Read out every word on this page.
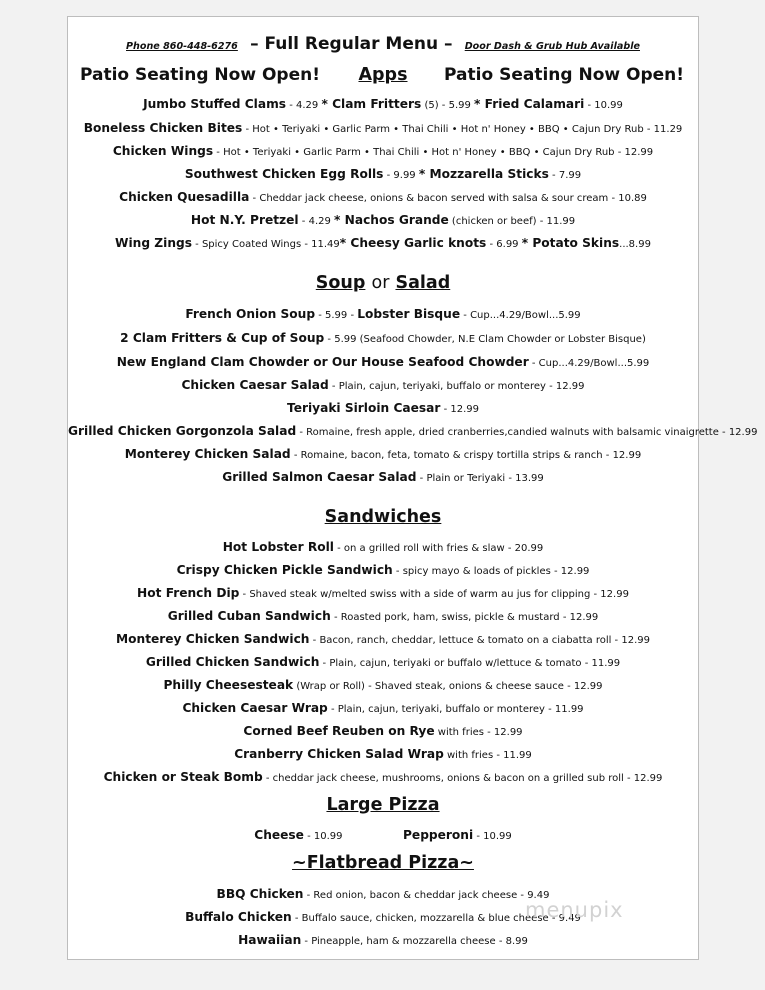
Phone 860-448-6276 – Full Regular Menu – Door Dash & Grub Hub Available
Patio Seating Now Open!	Apps	Patio Seating Now Open!
Jumbo Stuffed Clams - 4.29 * Clam Fritters (5) - 5.99 * Fried Calamari - 10.99
Boneless Chicken Bites - Hot • Teriyaki • Garlic Parm • Thai Chili • Hot n' Honey • BBQ • Cajun Dry Rub - 11.29
Chicken Wings - Hot • Teriyaki • Garlic Parm • Thai Chili • Hot n' Honey • BBQ • Cajun Dry Rub - 12.99
Southwest Chicken Egg Rolls - 9.99 * Mozzarella Sticks - 7.99
Chicken Quesadilla - Cheddar jack cheese, onions & bacon served with salsa & sour cream - 10.89
Hot N.Y. Pretzel - 4.29 * Nachos Grande (chicken or beef) - 11.99
Wing Zings - Spicy Coated Wings - 11.49* Cheesy Garlic knots - 6.99 * Potato Skins...8.99
Soup or Salad
French Onion Soup - 5.99 - Lobster Bisque - Cup...4.29/Bowl...5.99
2 Clam Fritters & Cup of Soup - 5.99 (Seafood Chowder, N.E Clam Chowder or Lobster Bisque)
New England Clam Chowder or Our House Seafood Chowder - Cup...4.29/Bowl...5.99
Chicken Caesar Salad - Plain, cajun, teriyaki, buffalo or monterey - 12.99
Teriyaki Sirloin Caesar - 12.99
Grilled Chicken Gorgonzola Salad - Romaine, fresh apple, dried cranberries,candied walnuts with balsamic vinaigrette - 12.99
Monterey Chicken Salad - Romaine, bacon, feta, tomato & crispy tortilla strips & ranch - 12.99
Grilled Salmon Caesar Salad - Plain or Teriyaki - 13.99
Sandwiches
Hot Lobster Roll - on a grilled roll with fries & slaw - 20.99
Crispy Chicken Pickle Sandwich - spicy mayo & loads of pickles - 12.99
Hot French Dip - Shaved steak w/melted swiss with a side of warm au jus for clipping - 12.99
Grilled Cuban Sandwich - Roasted pork, ham, swiss, pickle & mustard - 12.99
Monterey Chicken Sandwich - Bacon, ranch, cheddar, lettuce & tomato on a ciabatta roll - 12.99
Grilled Chicken Sandwich - Plain, cajun, teriyaki or buffalo w/lettuce & tomato - 11.99
Philly Cheesesteak (Wrap or Roll) - Shaved steak, onions & cheese sauce - 12.99
Chicken Caesar Wrap - Plain, cajun, teriyaki, buffalo or monterey - 11.99
Corned Beef Reuben on Rye with fries - 12.99
Cranberry Chicken Salad Wrap with fries - 11.99
Chicken or Steak Bomb - cheddar jack cheese, mushrooms, onions & bacon on a grilled sub roll - 12.99
Large Pizza
Cheese - 10.99	Pepperoni - 10.99
~Flatbread Pizza~
BBQ Chicken - Red onion, bacon & cheddar jack cheese - 9.49
Buffalo Chicken - Buffalo sauce, chicken, mozzarella & blue cheese - 9.49
Hawaiian - Pineapple, ham & mozzarella cheese - 8.99
menupix
